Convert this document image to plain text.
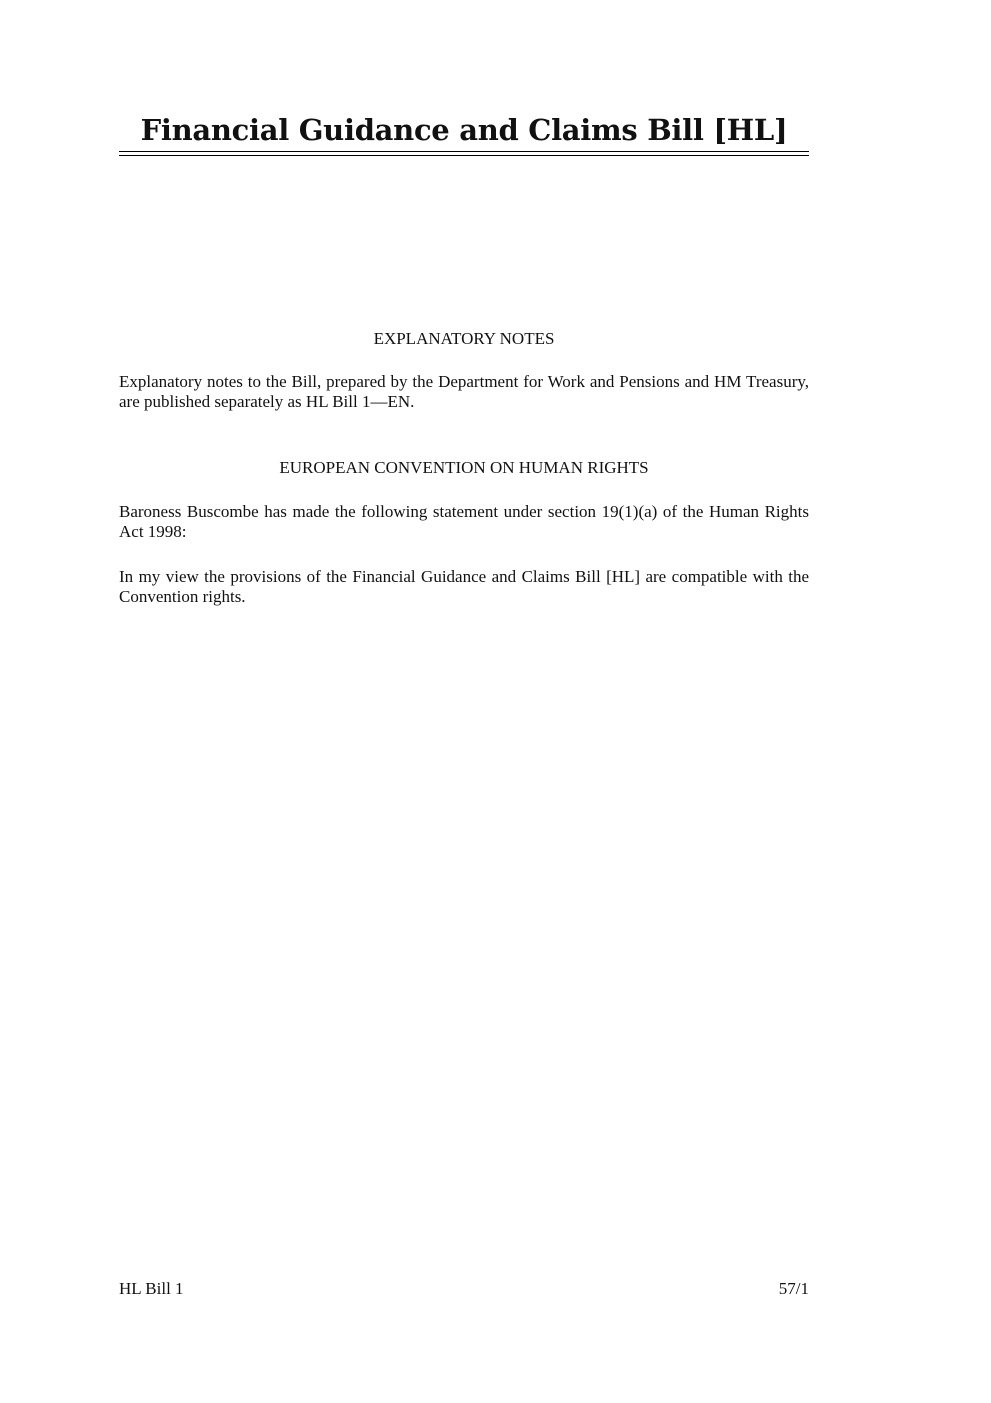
Financial Guidance and Claims Bill [HL]
EXPLANATORY NOTES

Explanatory notes to the Bill, prepared by the Department for Work and Pensions and HM Treasury, are published separately as HL Bill 1—EN.

EUROPEAN CONVENTION ON HUMAN RIGHTS

Baroness Buscombe has made the following statement under section 19(1)(a) of the Human Rights Act 1998:

In my view the provisions of the Financial Guidance and Claims Bill [HL] are compatible with the Convention rights.

HL Bill 1	57/1
